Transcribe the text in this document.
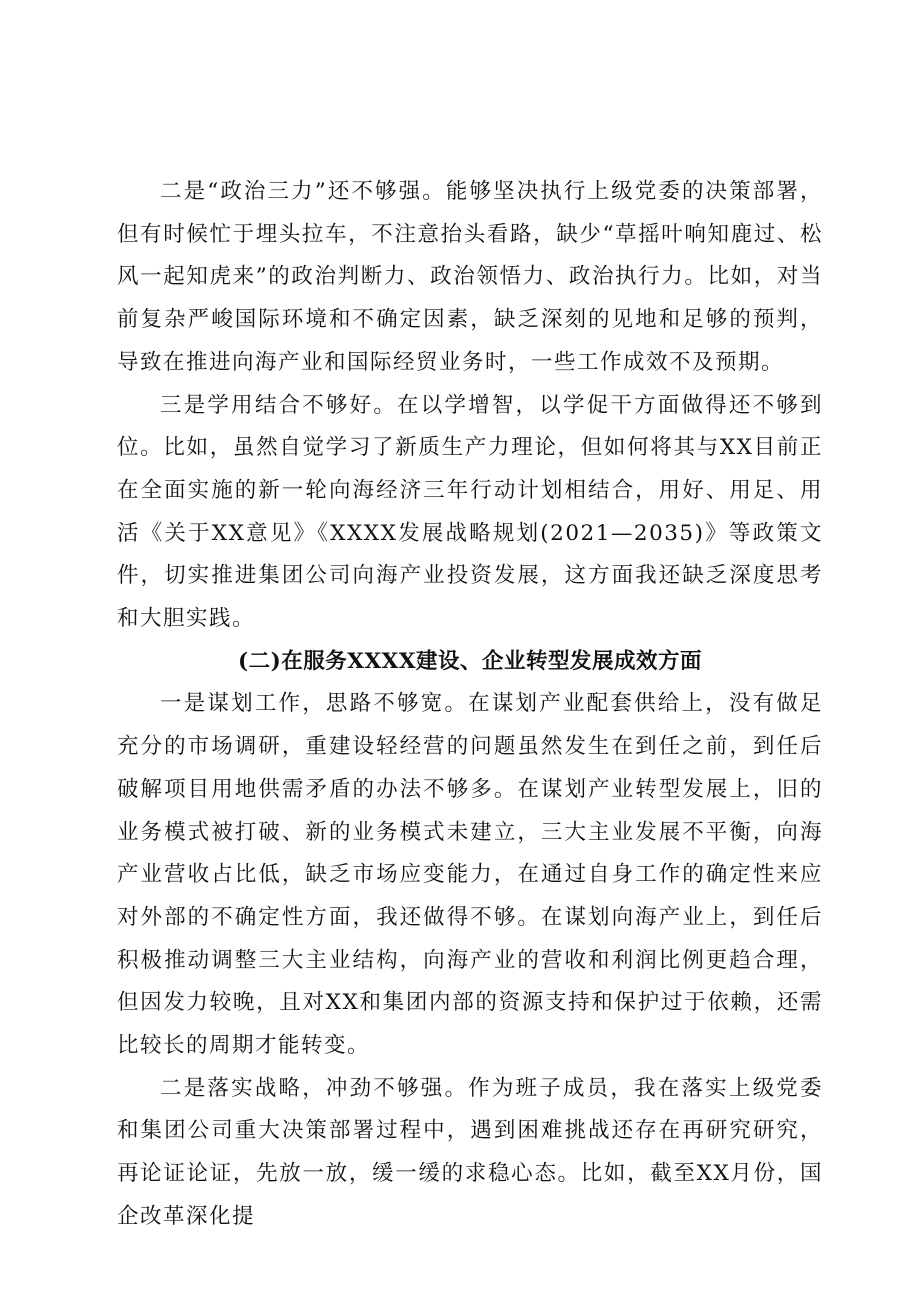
二是“政治三力”还不够强。能够坚决执行上级党委的决策部署，但有时候忙于埋头拉车，不注意抬头看路，缺少“草摇叶响知鹿过、松风一起知虎来”的政治判断力、政治领悟力、政治执行力。比如，对当前复杂严峻国际环境和不确定因素，缺乏深刻的见地和足够的预判，导致在推进向海产业和国际经贸业务时，一些工作成效不及预期。

三是学用结合不够好。在以学增智，以学促干方面做得还不够到位。比如，虽然自觉学习了新质生产力理论，但如何将其与XX目前正在全面实施的新一轮向海经济三年行动计划相结合，用好、用足、用活《关于XX意见》《XXXX发展战略规划(2021—2035)》等政策文件，切实推进集团公司向海产业投资发展，这方面我还缺乏深度思考和大胆实践。

(二)在服务XXXX建设、企业转型发展成效方面

一是谋划工作，思路不够宽。在谋划产业配套供给上，没有做足充分的市场调研，重建设轻经营的问题虽然发生在到任之前，到任后破解项目用地供需矛盾的办法不够多。在谋划产业转型发展上，旧的业务模式被打破、新的业务模式未建立，三大主业发展不平衡，向海产业营收占比低，缺乏市场应变能力，在通过自身工作的确定性来应对外部的不确定性方面，我还做得不够。在谋划向海产业上，到任后积极推动调整三大主业结构，向海产业的营收和利润比例更趋合理，但因发力较晚，且对XX和集团内部的资源支持和保护过于依赖，还需比较长的周期才能转变。

二是落实战略，冲劲不够强。作为班子成员，我在落实上级党委和集团公司重大决策部署过程中，遇到困难挑战还存在再研究研究，再论证论证，先放一放，缓一缓的求稳心态。比如，截至XX月份，国企改革深化提
